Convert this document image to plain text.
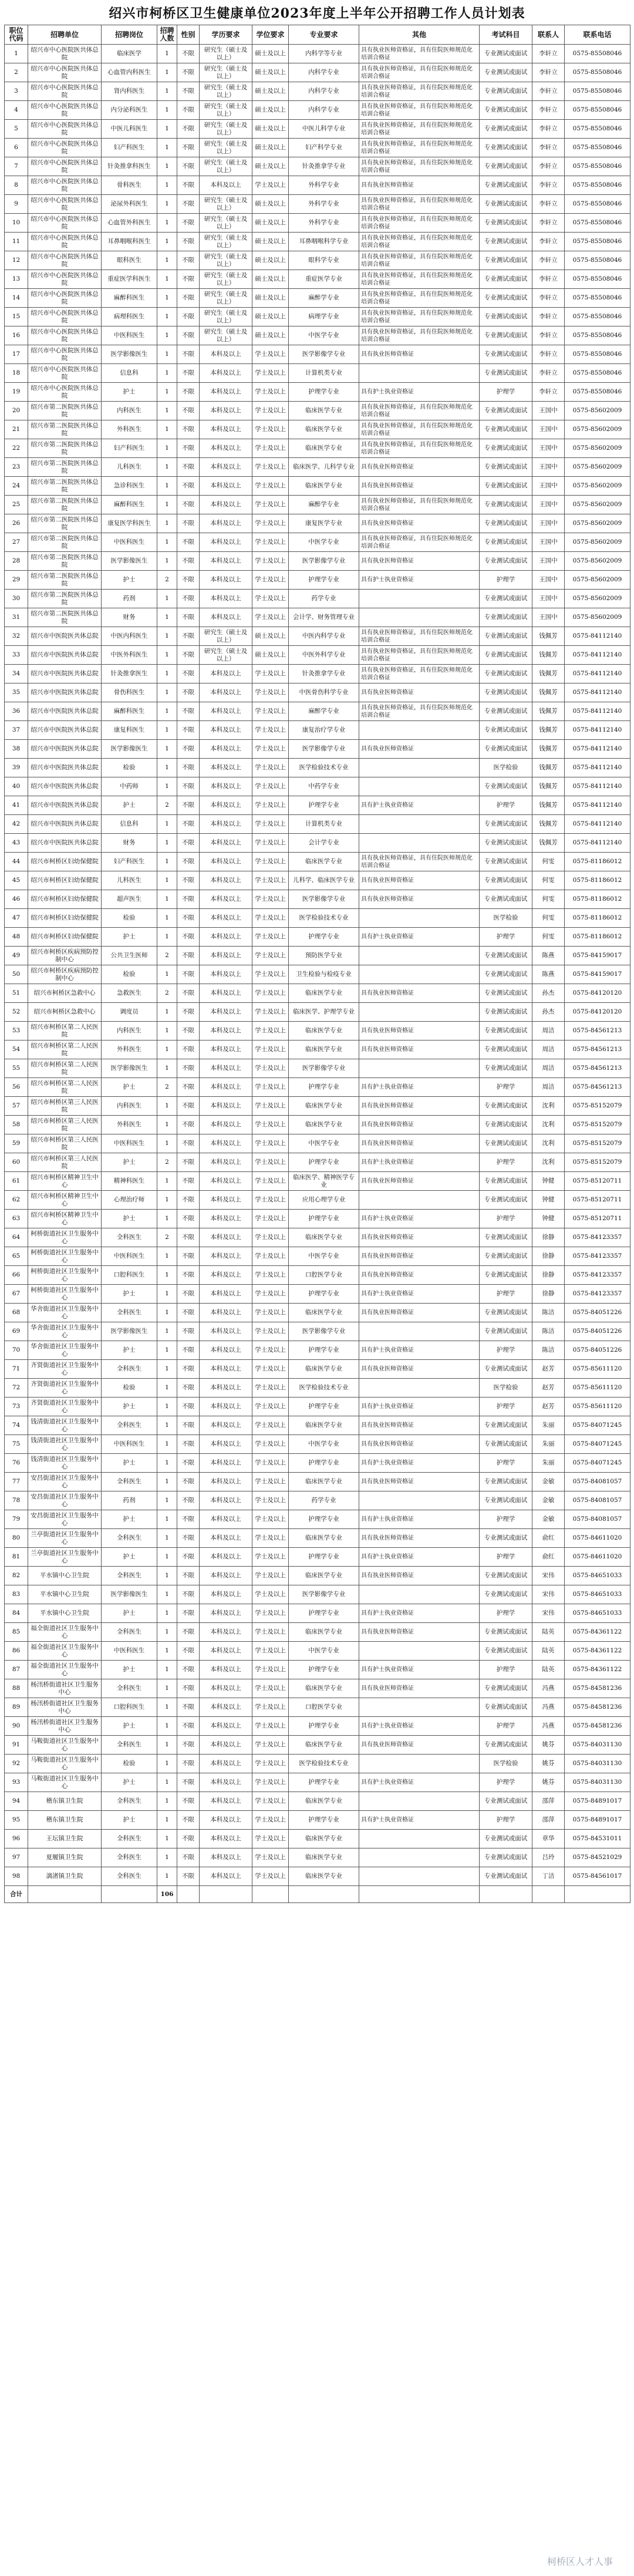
绍兴市柯桥区卫生健康单位2023年度上半年公开招聘工作人员计划表
职位代码	招聘单位	招聘岗位	招聘人数	性别	学历要求	学位要求	专业要求	其他	考试科目	联系人	联系电话
1	绍兴市中心医院医共体总院	临床医学	1	不限	研究生（硕士及以上）	硕士及以上	内科学等专业	具有执业医师资格证，具有住院医师规范化培训合格证	专业测试或面试	李轩立	0575-85508046
2	绍兴市中心医院医共体总院	心血管内科医生	1	不限	研究生（硕士及以上）	硕士及以上	内科学专业	具有执业医师资格证，具有住院医师规范化培训合格证	专业测试或面试	李轩立	0575-85508046
3	绍兴市中心医院医共体总院	肾内科医生	1	不限	研究生（硕士及以上）	硕士及以上	内科学专业	具有执业医师资格证，具有住院医师规范化培训合格证	专业测试或面试	李轩立	0575-85508046
4	绍兴市中心医院医共体总院	内分泌科医生	1	不限	研究生（硕士及以上）	硕士及以上	内科学专业	具有执业医师资格证，具有住院医师规范化培训合格证	专业测试或面试	李轩立	0575-85508046
5	绍兴市中心医院医共体总院	中医儿科医生	1	不限	研究生（硕士及以上）	硕士及以上	中医儿科学专业	具有执业医师资格证，具有住院医师规范化培训合格证	专业测试或面试	李轩立	0575-85508046
6	绍兴市中心医院医共体总院	妇产科医生	1	不限	研究生（硕士及以上）	硕士及以上	妇产科学专业	具有执业医师资格证，具有住院医师规范化培训合格证	专业测试或面试	李轩立	0575-85508046
7	绍兴市中心医院医共体总院	针灸推拿科医生	1	不限	研究生（硕士及以上）	硕士及以上	针灸推拿学专业	具有执业医师资格证，具有住院医师规范化培训合格证	专业测试或面试	李轩立	0575-85508046
8	绍兴市中心医院医共体总院	骨科医生	1	不限	本科及以上	学士及以上	外科学专业	具有执业医师资格证	专业测试或面试	李轩立	0575-85508046
9	绍兴市中心医院医共体总院	泌尿外科医生	1	不限	研究生（硕士及以上）	硕士及以上	外科学专业	具有执业医师资格证，具有住院医师规范化培训合格证	专业测试或面试	李轩立	0575-85508046
10	绍兴市中心医院医共体总院	心血管外科医生	1	不限	研究生（硕士及以上）	硕士及以上	外科学专业	具有执业医师资格证，具有住院医师规范化培训合格证	专业测试或面试	李轩立	0575-85508046
11	绍兴市中心医院医共体总院	耳鼻咽喉科医生	1	不限	研究生（硕士及以上）	硕士及以上	耳鼻咽喉科学专业	具有执业医师资格证，具有住院医师规范化培训合格证	专业测试或面试	李轩立	0575-85508046
12	绍兴市中心医院医共体总院	眼科医生	1	不限	研究生（硕士及以上）	硕士及以上	眼科学专业	具有执业医师资格证，具有住院医师规范化培训合格证	专业测试或面试	李轩立	0575-85508046
13	绍兴市中心医院医共体总院	重症医学科医生	1	不限	研究生（硕士及以上）	硕士及以上	重症医学专业	具有执业医师资格证，具有住院医师规范化培训合格证	专业测试或面试	李轩立	0575-85508046
14	绍兴市中心医院医共体总院	麻醉科医生	1	不限	研究生（硕士及以上）	硕士及以上	麻醉学专业	具有执业医师资格证，具有住院医师规范化培训合格证	专业测试或面试	李轩立	0575-85508046
15	绍兴市中心医院医共体总院	病理科医生	1	不限	研究生（硕士及以上）	硕士及以上	病理学专业	具有执业医师资格证，具有住院医师规范化培训合格证	专业测试或面试	李轩立	0575-85508046
16	绍兴市中心医院医共体总院	中医科医生	1	不限	研究生（硕士及以上）	硕士及以上	中医学专业	具有执业医师资格证，具有住院医师规范化培训合格证	专业测试或面试	李轩立	0575-85508046
17	绍兴市中心医院医共体总院	医学影像医生	1	不限	本科及以上	学士及以上	医学影像学专业	具有执业医师资格证	专业测试或面试	李轩立	0575-85508046
18	绍兴市中心医院医共体总院	信息科	1	不限	本科及以上	学士及以上	计算机类专业		专业测试或面试	李轩立	0575-85508046
19	绍兴市中心医院医共体总院	护士	1	不限	本科及以上	学士及以上	护理学专业	具有护士执业资格证	护理学	李轩立	0575-85508046
20	绍兴市第二医院医共体总院	内科医生	1	不限	本科及以上	学士及以上	临床医学专业	具有执业医师资格证，具有住院医师规范化培训合格证	专业测试或面试	王国中	0575-85602009
21	绍兴市第二医院医共体总院	外科医生	1	不限	本科及以上	学士及以上	临床医学专业	具有执业医师资格证，具有住院医师规范化培训合格证	专业测试或面试	王国中	0575-85602009
22	绍兴市第二医院医共体总院	妇产科医生	1	不限	本科及以上	学士及以上	临床医学专业	具有执业医师资格证，具有住院医师规范化培训合格证	专业测试或面试	王国中	0575-85602009
23	绍兴市第二医院医共体总院	儿科医生	1	不限	本科及以上	学士及以上	临床医学、儿科学专业	具有执业医师资格证	专业测试或面试	王国中	0575-85602009
24	绍兴市第二医院医共体总院	急诊科医生	1	不限	本科及以上	学士及以上	临床医学专业	具有执业医师资格证	专业测试或面试	王国中	0575-85602009
25	绍兴市第二医院医共体总院	麻醉科医生	1	不限	本科及以上	学士及以上	麻醉学专业	具有执业医师资格证，具有住院医师规范化培训合格证	专业测试或面试	王国中	0575-85602009
26	绍兴市第二医院医共体总院	康复医学科医生	1	不限	本科及以上	学士及以上	康复医学专业	具有执业医师资格证	专业测试或面试	王国中	0575-85602009
27	绍兴市第二医院医共体总院	中医科医生	1	不限	本科及以上	学士及以上	中医学专业	具有执业医师资格证，具有住院医师规范化培训合格证	专业测试或面试	王国中	0575-85602009
28	绍兴市第二医院医共体总院	医学影像医生	1	不限	本科及以上	学士及以上	医学影像学专业	具有执业医师资格证	专业测试或面试	王国中	0575-85602009
29	绍兴市第二医院医共体总院	护士	2	不限	本科及以上	学士及以上	护理学专业	具有护士执业资格证	护理学	王国中	0575-85602009
30	绍兴市第二医院医共体总院	药剂	1	不限	本科及以上	学士及以上	药学专业		专业测试或面试	王国中	0575-85602009
31	绍兴市第二医院医共体总院	财务	1	不限	本科及以上	学士及以上	会计学、财务管理专业		专业测试或面试	王国中	0575-85602009
32	绍兴市中医院医共体总院	中医内科医生	1	不限	研究生（硕士及以上）	硕士及以上	中医内科学专业	具有执业医师资格证，具有住院医师规范化培训合格证	专业测试或面试	钱佩芳	0575-84112140
33	绍兴市中医院医共体总院	中医外科医生	1	不限	研究生（硕士及以上）	硕士及以上	中医外科学专业	具有执业医师资格证，具有住院医师规范化培训合格证	专业测试或面试	钱佩芳	0575-84112140
34	绍兴市中医院医共体总院	针灸推拿医生	1	不限	本科及以上	学士及以上	针灸推拿学专业	具有执业医师资格证，具有住院医师规范化培训合格证	专业测试或面试	钱佩芳	0575-84112140
35	绍兴市中医院医共体总院	骨伤科医生	1	不限	本科及以上	学士及以上	中医骨伤科学专业	具有执业医师资格证	专业测试或面试	钱佩芳	0575-84112140
36	绍兴市中医院医共体总院	麻醉科医生	1	不限	本科及以上	学士及以上	麻醉学专业	具有执业医师资格证，具有住院医师规范化培训合格证	专业测试或面试	钱佩芳	0575-84112140
37	绍兴市中医院医共体总院	康复科医生	1	不限	本科及以上	学士及以上	康复治疗学专业		专业测试或面试	钱佩芳	0575-84112140
38	绍兴市中医院医共体总院	医学影像医生	1	不限	本科及以上	学士及以上	医学影像学专业	具有执业医师资格证	专业测试或面试	钱佩芳	0575-84112140
39	绍兴市中医院医共体总院	检验	1	不限	本科及以上	学士及以上	医学检验技术专业		医学检验	钱佩芳	0575-84112140
40	绍兴市中医院医共体总院	中药师	1	不限	本科及以上	学士及以上	中药学专业		专业测试或面试	钱佩芳	0575-84112140
41	绍兴市中医院医共体总院	护士	2	不限	本科及以上	学士及以上	护理学专业	具有护士执业资格证	护理学	钱佩芳	0575-84112140
42	绍兴市中医院医共体总院	信息科	1	不限	本科及以上	学士及以上	计算机类专业		专业测试或面试	钱佩芳	0575-84112140
43	绍兴市中医院医共体总院	财务	1	不限	本科及以上	学士及以上	会计学专业		专业测试或面试	钱佩芳	0575-84112140
44	绍兴市柯桥区妇幼保健院	妇产科医生	1	不限	本科及以上	学士及以上	临床医学专业	具有执业医师资格证，具有住院医师规范化培训合格证	专业测试或面试	何雯	0575-81186012
45	绍兴市柯桥区妇幼保健院	儿科医生	1	不限	本科及以上	学士及以上	儿科学、临床医学专业	具有执业医师资格证	专业测试或面试	何雯	0575-81186012
46	绍兴市柯桥区妇幼保健院	超声医生	1	不限	本科及以上	学士及以上	医学影像学专业	具有执业医师资格证	专业测试或面试	何雯	0575-81186012
47	绍兴市柯桥区妇幼保健院	检验	1	不限	本科及以上	学士及以上	医学检验技术专业		医学检验	何雯	0575-81186012
48	绍兴市柯桥区妇幼保健院	护士	1	不限	本科及以上	学士及以上	护理学专业	具有护士执业资格证	护理学	何雯	0575-81186012
49	绍兴市柯桥区疾病预防控制中心	公共卫生医师	2	不限	本科及以上	学士及以上	预防医学专业		专业测试或面试	陈燕	0575-84159017
50	绍兴市柯桥区疾病预防控制中心	检验	1	不限	本科及以上	学士及以上	卫生检验与检疫专业		专业测试或面试	陈燕	0575-84159017
51	绍兴市柯桥区急救中心	急救医生	2	不限	本科及以上	学士及以上	临床医学专业	具有执业医师资格证	专业测试或面试	孙杰	0575-84120120
52	绍兴市柯桥区急救中心	调度员	1	不限	本科及以上	学士及以上	临床医学、护理学专业		专业测试或面试	孙杰	0575-84120120
53	绍兴市柯桥区第二人民医院	内科医生	1	不限	本科及以上	学士及以上	临床医学专业	具有执业医师资格证	专业测试或面试	周洁	0575-84561213
54	绍兴市柯桥区第二人民医院	外科医生	1	不限	本科及以上	学士及以上	临床医学专业	具有执业医师资格证	专业测试或面试	周洁	0575-84561213
55	绍兴市柯桥区第二人民医院	医学影像医生	1	不限	本科及以上	学士及以上	医学影像学专业		专业测试或面试	周洁	0575-84561213
56	绍兴市柯桥区第二人民医院	护士	2	不限	本科及以上	学士及以上	护理学专业	具有护士执业资格证	护理学	周洁	0575-84561213
57	绍兴市柯桥区第三人民医院	内科医生	1	不限	本科及以上	学士及以上	临床医学专业	具有执业医师资格证	专业测试或面试	沈利	0575-85152079
58	绍兴市柯桥区第三人民医院	外科医生	1	不限	本科及以上	学士及以上	临床医学专业	具有执业医师资格证	专业测试或面试	沈利	0575-85152079
59	绍兴市柯桥区第三人民医院	中医科医生	1	不限	本科及以上	学士及以上	中医学专业	具有执业医师资格证	专业测试或面试	沈利	0575-85152079
60	绍兴市柯桥区第三人民医院	护士	2	不限	本科及以上	学士及以上	护理学专业	具有护士执业资格证	护理学	沈利	0575-85152079
61	绍兴市柯桥区精神卫生中心	精神科医生	1	不限	本科及以上	学士及以上	临床医学、精神医学专业	具有执业医师资格证	专业测试或面试	钟健	0575-85120711
62	绍兴市柯桥区精神卫生中心	心理治疗师	1	不限	本科及以上	学士及以上	应用心理学专业		专业测试或面试	钟健	0575-85120711
63	绍兴市柯桥区精神卫生中心	护士	1	不限	本科及以上	学士及以上	护理学专业	具有护士执业资格证	护理学	钟健	0575-85120711
64	柯桥街道社区卫生服务中心	全科医生	2	不限	本科及以上	学士及以上	临床医学专业	具有执业医师资格证	专业测试或面试	徐静	0575-84123357
65	柯桥街道社区卫生服务中心	中医科医生	1	不限	本科及以上	学士及以上	中医学专业	具有执业医师资格证	专业测试或面试	徐静	0575-84123357
66	柯桥街道社区卫生服务中心	口腔科医生	1	不限	本科及以上	学士及以上	口腔医学专业	具有执业医师资格证	专业测试或面试	徐静	0575-84123357
67	柯桥街道社区卫生服务中心	护士	1	不限	本科及以上	学士及以上	护理学专业	具有护士执业资格证	护理学	徐静	0575-84123357
68	华舍街道社区卫生服务中心	全科医生	1	不限	本科及以上	学士及以上	临床医学专业	具有执业医师资格证	专业测试或面试	陈洁	0575-84051226
69	华舍街道社区卫生服务中心	医学影像医生	1	不限	本科及以上	学士及以上	医学影像学专业		专业测试或面试	陈洁	0575-84051226
70	华舍街道社区卫生服务中心	护士	1	不限	本科及以上	学士及以上	护理学专业	具有护士执业资格证	护理学	陈洁	0575-84051226
71	齐贤街道社区卫生服务中心	全科医生	1	不限	本科及以上	学士及以上	临床医学专业	具有执业医师资格证	专业测试或面试	赵芳	0575-85611120
72	齐贤街道社区卫生服务中心	检验	1	不限	本科及以上	学士及以上	医学检验技术专业		医学检验	赵芳	0575-85611120
73	齐贤街道社区卫生服务中心	护士	1	不限	本科及以上	学士及以上	护理学专业	具有护士执业资格证	护理学	赵芳	0575-85611120
74	钱清街道社区卫生服务中心	全科医生	1	不限	本科及以上	学士及以上	临床医学专业	具有执业医师资格证	专业测试或面试	朱丽	0575-84071245
75	钱清街道社区卫生服务中心	中医科医生	1	不限	本科及以上	学士及以上	中医学专业	具有执业医师资格证	专业测试或面试	朱丽	0575-84071245
76	钱清街道社区卫生服务中心	护士	1	不限	本科及以上	学士及以上	护理学专业	具有护士执业资格证	护理学	朱丽	0575-84071245
77	安昌街道社区卫生服务中心	全科医生	1	不限	本科及以上	学士及以上	临床医学专业	具有执业医师资格证	专业测试或面试	金敏	0575-84081057
78	安昌街道社区卫生服务中心	药剂	1	不限	本科及以上	学士及以上	药学专业		专业测试或面试	金敏	0575-84081057
79	安昌街道社区卫生服务中心	护士	1	不限	本科及以上	学士及以上	护理学专业	具有护士执业资格证	护理学	金敏	0575-84081057
80	兰亭街道社区卫生服务中心	全科医生	1	不限	本科及以上	学士及以上	临床医学专业	具有执业医师资格证	专业测试或面试	俞红	0575-84611020
81	兰亭街道社区卫生服务中心	护士	1	不限	本科及以上	学士及以上	护理学专业	具有护士执业资格证	护理学	俞红	0575-84611020
82	平水镇中心卫生院	全科医生	1	不限	本科及以上	学士及以上	临床医学专业	具有执业医师资格证	专业测试或面试	宋伟	0575-84651033
83	平水镇中心卫生院	医学影像医生	1	不限	本科及以上	学士及以上	医学影像学专业		专业测试或面试	宋伟	0575-84651033
84	平水镇中心卫生院	护士	1	不限	本科及以上	学士及以上	护理学专业	具有护士执业资格证	护理学	宋伟	0575-84651033
85	福全街道社区卫生服务中心	全科医生	1	不限	本科及以上	学士及以上	临床医学专业	具有执业医师资格证	专业测试或面试	陆英	0575-84361122
86	福全街道社区卫生服务中心	中医科医生	1	不限	本科及以上	学士及以上	中医学专业		专业测试或面试	陆英	0575-84361122
87	福全街道社区卫生服务中心	护士	1	不限	本科及以上	学士及以上	护理学专业	具有护士执业资格证	护理学	陆英	0575-84361122
88	杨汛桥街道社区卫生服务中心	全科医生	1	不限	本科及以上	学士及以上	临床医学专业	具有执业医师资格证	专业测试或面试	冯燕	0575-84581236
89	杨汛桥街道社区卫生服务中心	口腔科医生	1	不限	本科及以上	学士及以上	口腔医学专业		专业测试或面试	冯燕	0575-84581236
90	杨汛桥街道社区卫生服务中心	护士	1	不限	本科及以上	学士及以上	护理学专业	具有护士执业资格证	护理学	冯燕	0575-84581236
91	马鞍街道社区卫生服务中心	全科医生	1	不限	本科及以上	学士及以上	临床医学专业	具有执业医师资格证	专业测试或面试	姚芬	0575-84031130
92	马鞍街道社区卫生服务中心	检验	1	不限	本科及以上	学士及以上	医学检验技术专业		医学检验	姚芬	0575-84031130
93	马鞍街道社区卫生服务中心	护士	1	不限	本科及以上	学士及以上	护理学专业	具有护士执业资格证	护理学	姚芬	0575-84031130
94	稽东镇卫生院	全科医生	1	不限	本科及以上	学士及以上	临床医学专业		专业测试或面试	邵萍	0575-84891017
95	稽东镇卫生院	护士	1	不限	本科及以上	学士及以上	护理学专业	具有护士执业资格证	护理学	邵萍	0575-84891017
96	王坛镇卫生院	全科医生	1	不限	本科及以上	学士及以上	临床医学专业		专业测试或面试	章华	0575-84531011
97	夏履镇卫生院	全科医生	1	不限	本科及以上	学士及以上	临床医学专业		专业测试或面试	吕玲	0575-84521029
98	漓渚镇卫生院	全科医生	1	不限	本科及以上	学士及以上	临床医学专业		专业测试或面试	丁洁	0575-84561017
合计			106								
柯桥区人才人事
